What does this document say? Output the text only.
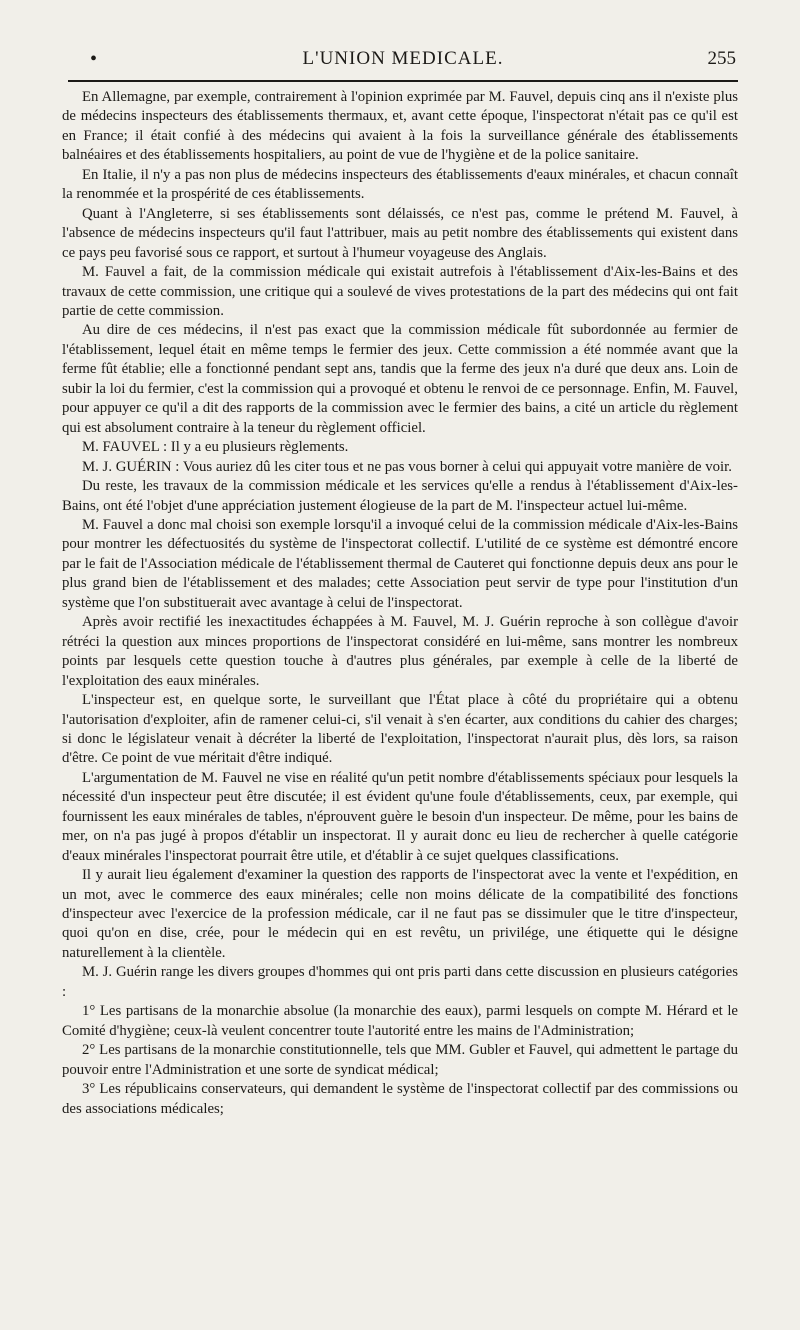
•	L'UNION MEDICALE.	255

En Allemagne, par exemple, contrairement à l'opinion exprimée par M. Fauvel, depuis cinq ans il n'existe plus de médecins inspecteurs des établissements thermaux, et, avant cette époque, l'inspectorat n'était pas ce qu'il est en France; il était confié à des médecins qui avaient à la fois la surveillance générale des établissements balnéaires et des établissements hospitaliers, au point de vue de l'hygiène et de la police sanitaire.

En Italie, il n'y a pas non plus de médecins inspecteurs des établissements d'eaux minérales, et chacun connaît la renommée et la prospérité de ces établissements.

Quant à l'Angleterre, si ses établissements sont délaissés, ce n'est pas, comme le prétend M. Fauvel, à l'absence de médecins inspecteurs qu'il faut l'attribuer, mais au petit nombre des établissements qui existent dans ce pays peu favorisé sous ce rapport, et surtout à l'humeur voyageuse des Anglais.

M. Fauvel a fait, de la commission médicale qui existait autrefois à l'établissement d'Aix-les-Bains et des travaux de cette commission, une critique qui a soulevé de vives protestations de la part des médecins qui ont fait partie de cette commission.

Au dire de ces médecins, il n'est pas exact que la commission médicale fût subordonnée au fermier de l'établissement, lequel était en même temps le fermier des jeux. Cette commission a été nommée avant que la ferme fût établie; elle a fonctionné pendant sept ans, tandis que la ferme des jeux n'a duré que deux ans. Loin de subir la loi du fermier, c'est la commission qui a provoqué et obtenu le renvoi de ce personnage. Enfin, M. Fauvel, pour appuyer ce qu'il a dit des rapports de la commission avec le fermier des bains, a cité un article du règlement qui est absolument contraire à la teneur du règlement officiel.

M. FAUVEL : Il y a eu plusieurs règlements.

M. J. GUÉRIN : Vous auriez dû les citer tous et ne pas vous borner à celui qui appuyait votre manière de voir.

Du reste, les travaux de la commission médicale et les services qu'elle a rendus à l'établissement d'Aix-les-Bains, ont été l'objet d'une appréciation justement élogieuse de la part de M. l'inspecteur actuel lui-même.

M. Fauvel a donc mal choisi son exemple lorsqu'il a invoqué celui de la commission médicale d'Aix-les-Bains pour montrer les défectuosités du système de l'inspectorat collectif. L'utilité de ce système est démontré encore par le fait de l'Association médicale de l'établissement thermal de Cauteret qui fonctionne depuis deux ans pour le plus grand bien de l'établissement et des malades; cette Association peut servir de type pour l'institution d'un système que l'on substituerait avec avantage à celui de l'inspectorat.

Après avoir rectifié les inexactitudes échappées à M. Fauvel, M. J. Guérin reproche à son collègue d'avoir rétréci la question aux minces proportions de l'inspectorat considéré en lui-même, sans montrer les nombreux points par lesquels cette question touche à d'autres plus générales, par exemple à celle de la liberté de l'exploitation des eaux minérales.

L'inspecteur est, en quelque sorte, le surveillant que l'État place à côté du propriétaire qui a obtenu l'autorisation d'exploiter, afin de ramener celui-ci, s'il venait à s'en écarter, aux conditions du cahier des charges; si donc le législateur venait à décréter la liberté de l'exploitation, l'inspectorat n'aurait plus, dès lors, sa raison d'être. Ce point de vue méritait d'être indiqué.

L'argumentation de M. Fauvel ne vise en réalité qu'un petit nombre d'établissements spéciaux pour lesquels la nécessité d'un inspecteur peut être discutée; il est évident qu'une foule d'établissements, ceux, par exemple, qui fournissent les eaux minérales de tables, n'éprouvent guère le besoin d'un inspecteur. De même, pour les bains de mer, on n'a pas jugé à propos d'établir un inspectorat. Il y aurait donc eu lieu de rechercher à quelle catégorie d'eaux minérales l'inspectorat pourrait être utile, et d'établir à ce sujet quelques classifications.

Il y aurait lieu également d'examiner la question des rapports de l'inspectorat avec la vente et l'expédition, en un mot, avec le commerce des eaux minérales; celle non moins délicate de la compatibilité des fonctions d'inspecteur avec l'exercice de la profession médicale, car il ne faut pas se dissimuler que le titre d'inspecteur, quoi qu'on en dise, crée, pour le médecin qui en est revêtu, un privilége, une étiquette qui le désigne naturellement à la clientèle.

M. J. Guérin range les divers groupes d'hommes qui ont pris parti dans cette discussion en plusieurs catégories :

1° Les partisans de la monarchie absolue (la monarchie des eaux), parmi lesquels on compte M. Hérard et le Comité d'hygiène; ceux-là veulent concentrer toute l'autorité entre les mains de l'Administration;

2° Les partisans de la monarchie constitutionnelle, tels que MM. Gubler et Fauvel, qui admettent le partage du pouvoir entre l'Administration et une sorte de syndicat médical;

3° Les républicains conservateurs, qui demandent le système de l'inspectorat collectif par des commissions ou des associations médicales;
